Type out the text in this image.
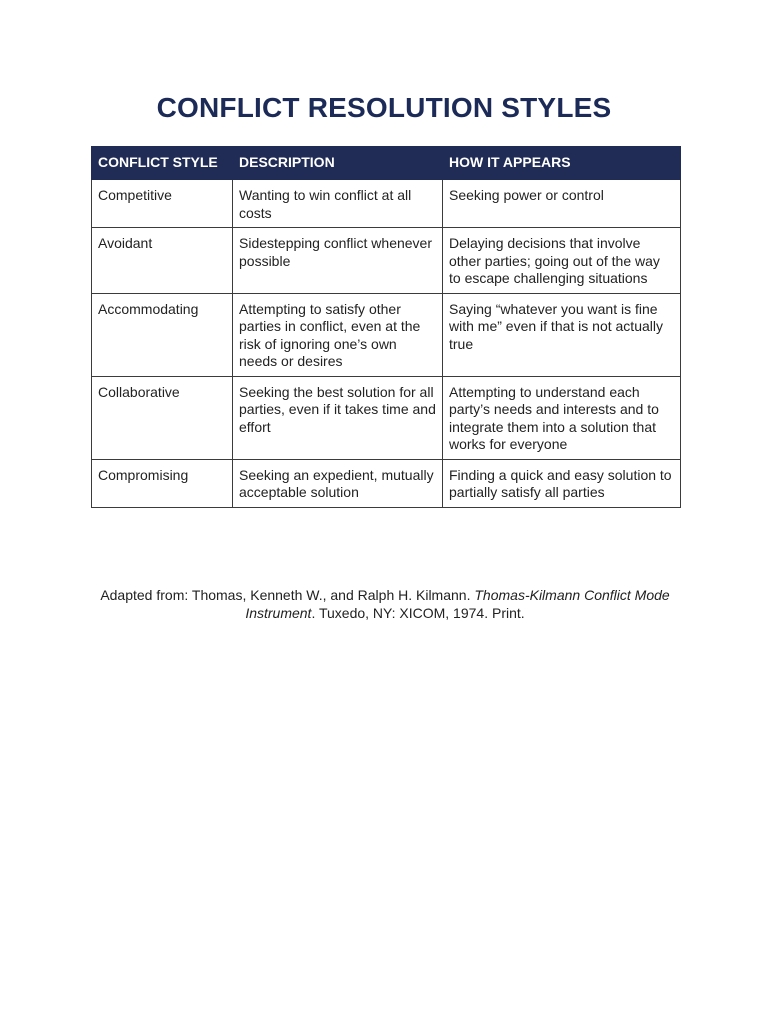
CONFLICT RESOLUTION STYLES
CONFLICT STYLE	DESCRIPTION	HOW IT APPEARS
Competitive	Wanting to win conflict at all costs	Seeking power or control
Avoidant	Sidestepping conflict whenever possible	Delaying decisions that involve other parties; going out of the way to escape challenging situations
Accommodating	Attempting to satisfy other parties in conflict, even at the risk of ignoring one’s own needs or desires	Saying “whatever you want is fine with me” even if that is not actually true
Collaborative	Seeking the best solution for all parties, even if it takes time and effort	Attempting to understand each party’s needs and interests and to integrate them into a solution that works for everyone
Compromising	Seeking an expedient, mutually acceptable solution	Finding a quick and easy solution to partially satisfy all parties
Adapted from: Thomas, Kenneth W., and Ralph H. Kilmann. Thomas-Kilmann Conflict Mode Instrument. Tuxedo, NY: XICOM, 1974. Print.
